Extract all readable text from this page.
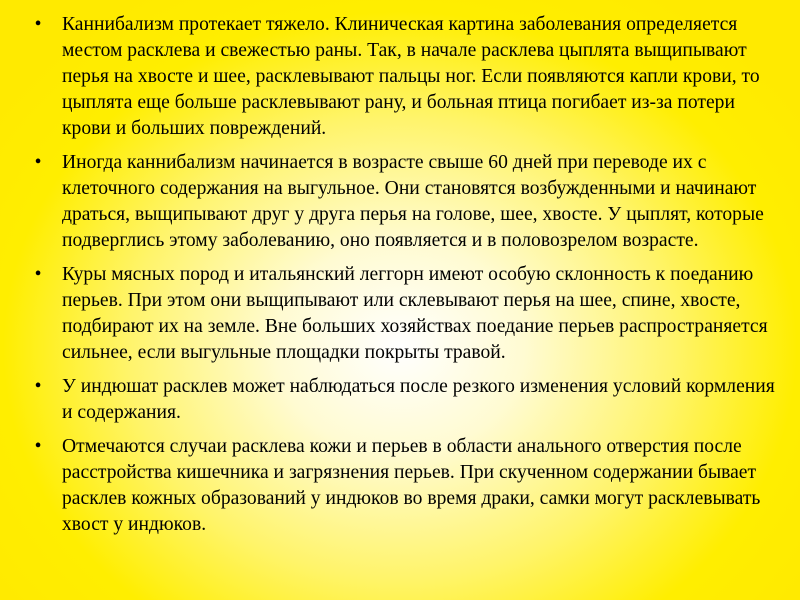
• Каннибализм протекает тяжело. Клиническая картина заболевания определяется местом расклева и свежестью раны. Так, в начале расклева цыплята выщипывают перья на хвосте и шее, расклевывают пальцы ног. Если появляются капли крови, то цыплята еще больше расклевывают рану, и больная птица погибает из-за потери крови и больших повреждений.
• Иногда каннибализм начинается в возрасте свыше 60 дней при переводе их с клеточного содержания на выгульное. Они становятся возбужденными и начинают драться, выщипывают друг у друга перья на голове, шее, хвосте. У цыплят, которые подверглись этому заболеванию, оно появляется и в половозрелом возрасте.
• Куры мясных пород и итальянский леггорн имеют особую склонность к поеданию перьев. При этом они выщипывают или склевывают перья на шее, спине, хвосте, подбирают их на земле. Вне больших хозяйствах поедание перьев распространяется сильнее, если выгульные площадки покрыты травой.
• У индюшат расклев может наблюдаться после резкого изменения условий кормления и содержания.
• Отмечаются случаи расклева кожи и перьев в области анального отверстия после расстройства кишечника и загрязнения перьев. При скученном содержании бывает расклев кожных образований у индюков во время драки, самки могут расклевывать хвост у индюков.
